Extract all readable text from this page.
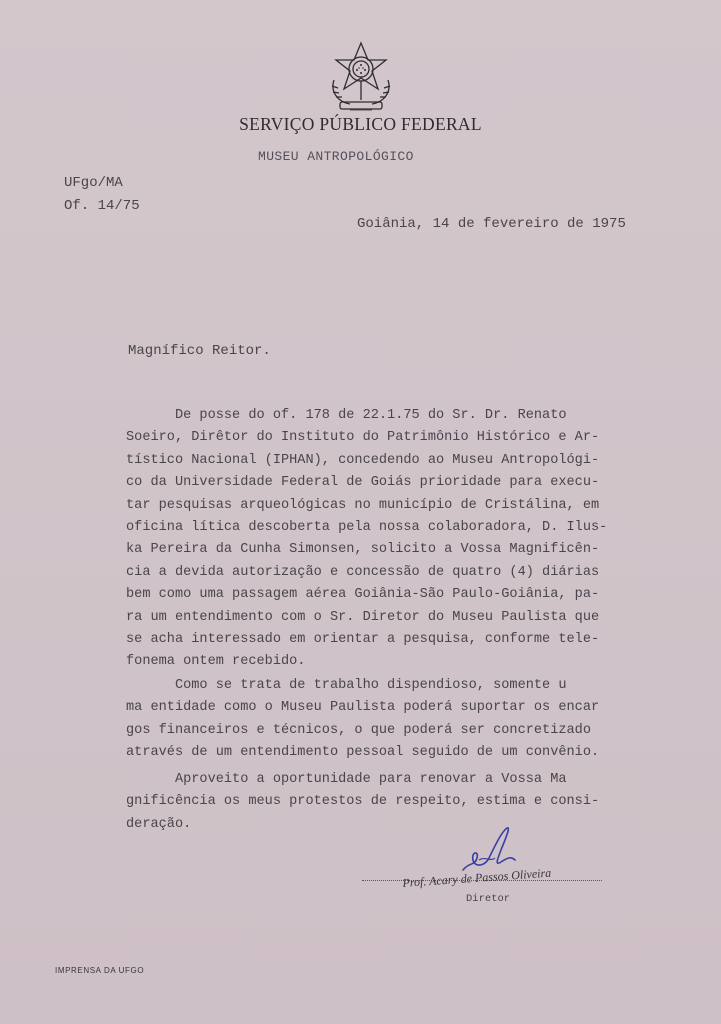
SERVIÇO PÚBLICO FEDERAL
MUSEU ANTROPOLÓGICO
UFgo/MA
Of. 14/75
Goiânia, 14 de fevereiro de 1975
Magnífico Reitor.
De posse do of. 178 de 22.1.75 do Sr. Dr. Renato
Soeiro, Dirêtor do Instituto do Patrimônio Histórico e Ar-
tístico Nacional (IPHAN), concedendo ao Museu Antropológi-
co da Universidade Federal de Goiás prioridade para execu-
tar pesquisas arqueológicas no município de Cristálina, em
oficina lítica descoberta pela nossa colaboradora, D. Ilus-
ka Pereira da Cunha Simonsen, solicito a Vossa Magnificên-
cia a devida autorização e concessão de quatro (4) diárias
bem como uma passagem aérea Goiânia-São Paulo-Goiânia, pa-
ra um entendimento com o Sr. Diretor do Museu Paulista que
se acha interessado em orientar a pesquisa, conforme tele-
fonema ontem recebido.
Como se trata de trabalho dispendioso, somente u
ma entidade como o Museu Paulista poderá suportar os encar
gos financeiros e técnicos, o que poderá ser concretizado
através de um entendimento pessoal seguido de um convênio.
Aproveito a oportunidade para renovar a Vossa Ma
gnificência os meus protestos de respeito, estima e consi-
deração.
Prof. Acary de Passos Oliveira
Diretor
IMPRENSA DA UFGO
